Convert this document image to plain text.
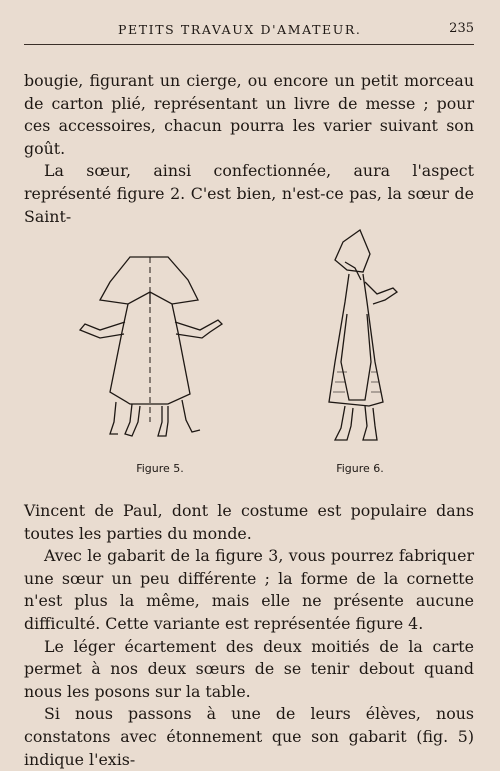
PETITS TRAVAUX D'AMATEUR.	235

bougie, figurant un cierge, ou encore un petit morceau de carton plié, représentant un livre de messe ; pour ces accessoires, chacun pourra les varier suivant son goût.

La sœur, ainsi confectionnée, aura l'aspect représenté figure 2. C'est bien, n'est-ce pas, la sœur de Saint-

Figure 5.	Figure 6.

Vincent de Paul, dont le costume est populaire dans toutes les parties du monde.

Avec le gabarit de la figure 3, vous pourrez fabriquer une sœur un peu différente ; la forme de la cornette n'est plus la même, mais elle ne présente aucune difficulté. Cette variante est représentée figure 4.

Le léger écartement des deux moitiés de la carte permet à nos deux sœurs de se tenir debout quand nous les posons sur la table.

Si nous passons à une de leurs élèves, nous constatons avec étonnement que son gabarit (fig. 5) indique l'exis-
